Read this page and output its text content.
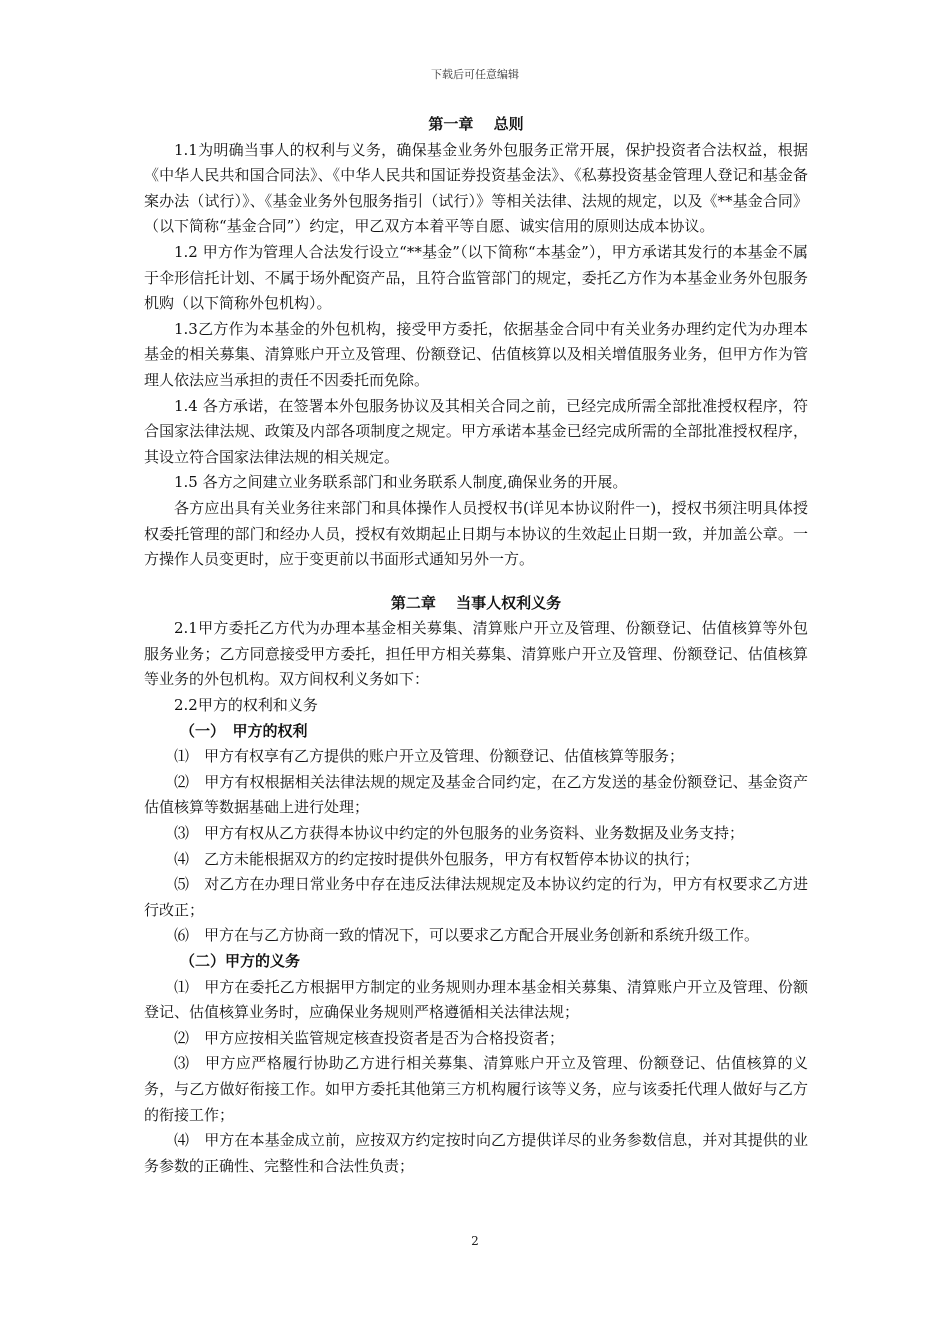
下载后可任意编辑

第一章　 总则

1.1为明确当事人的权利与义务，确保基金业务外包服务正常开展，保护投资者合法权益，根据《中华人民共和国合同法》、《中华人民共和国证券投资基金法》、《私募投资基金管理人登记和基金备案办法（试行）》、《基金业务外包服务指引（试行）》等相关法律、法规的规定，以及《**基金合同》（以下简称“基金合同”）约定，甲乙双方本着平等自愿、诚实信用的原则达成本协议。

1.2 甲方作为管理人合法发行设立“**基金”（以下简称“本基金”），甲方承诺其发行的本基金不属于伞形信托计划、不属于场外配资产品，且符合监管部门的规定，委托乙方作为本基金业务外包服务机购（以下简称外包机构）。

1.3乙方作为本基金的外包机构，接受甲方委托，依据基金合同中有关业务办理约定代为办理本基金的相关募集、清算账户开立及管理、份额登记、估值核算以及相关增值服务业务，但甲方作为管理人依法应当承担的责任不因委托而免除。

1.4 各方承诺，在签署本外包服务协议及其相关合同之前，已经完成所需全部批准授权程序，符合国家法律法规、政策及内部各项制度之规定。甲方承诺本基金已经完成所需的全部批准授权程序，其设立符合国家法律法规的相关规定。

1.5 各方之间建立业务联系部门和业务联系人制度,确保业务的开展。

各方应出具有关业务往来部门和具体操作人员授权书(详见本协议附件一)，授权书须注明具体授权委托管理的部门和经办人员，授权有效期起止日期与本协议的生效起止日期一致，并加盖公章。一方操作人员变更时，应于变更前以书面形式通知另外一方。

第二章　 当事人权利义务

2.1甲方委托乙方代为办理本基金相关募集、清算账户开立及管理、份额登记、估值核算等外包服务业务；乙方同意接受甲方委托，担任甲方相关募集、清算账户开立及管理、份额登记、估值核算等业务的外包机构。双方间权利义务如下：

2.2甲方的权利和义务

（一）　甲方的权利

⑴　甲方有权享有乙方提供的账户开立及管理、份额登记、估值核算等服务；

⑵　甲方有权根据相关法律法规的规定及基金合同约定，在乙方发送的基金份额登记、基金资产估值核算等数据基础上进行处理；

⑶　甲方有权从乙方获得本协议中约定的外包服务的业务资料、业务数据及业务支持；

⑷　乙方未能根据双方的约定按时提供外包服务，甲方有权暂停本协议的执行；

⑸　对乙方在办理日常业务中存在违反法律法规规定及本协议约定的行为，甲方有权要求乙方进行改正；

⑹　甲方在与乙方协商一致的情况下，可以要求乙方配合开展业务创新和系统升级工作。

（二）甲方的义务

⑴　甲方在委托乙方根据甲方制定的业务规则办理本基金相关募集、清算账户开立及管理、份额登记、估值核算业务时，应确保业务规则严格遵循相关法律法规；

⑵　甲方应按相关监管规定核查投资者是否为合格投资者；

⑶　甲方应严格履行协助乙方进行相关募集、清算账户开立及管理、份额登记、估值核算的义务，与乙方做好衔接工作。如甲方委托其他第三方机构履行该等义务，应与该委托代理人做好与乙方的衔接工作；

⑷　甲方在本基金成立前，应按双方约定按时向乙方提供详尽的业务参数信息，并对其提供的业务参数的正确性、完整性和合法性负责；

2
